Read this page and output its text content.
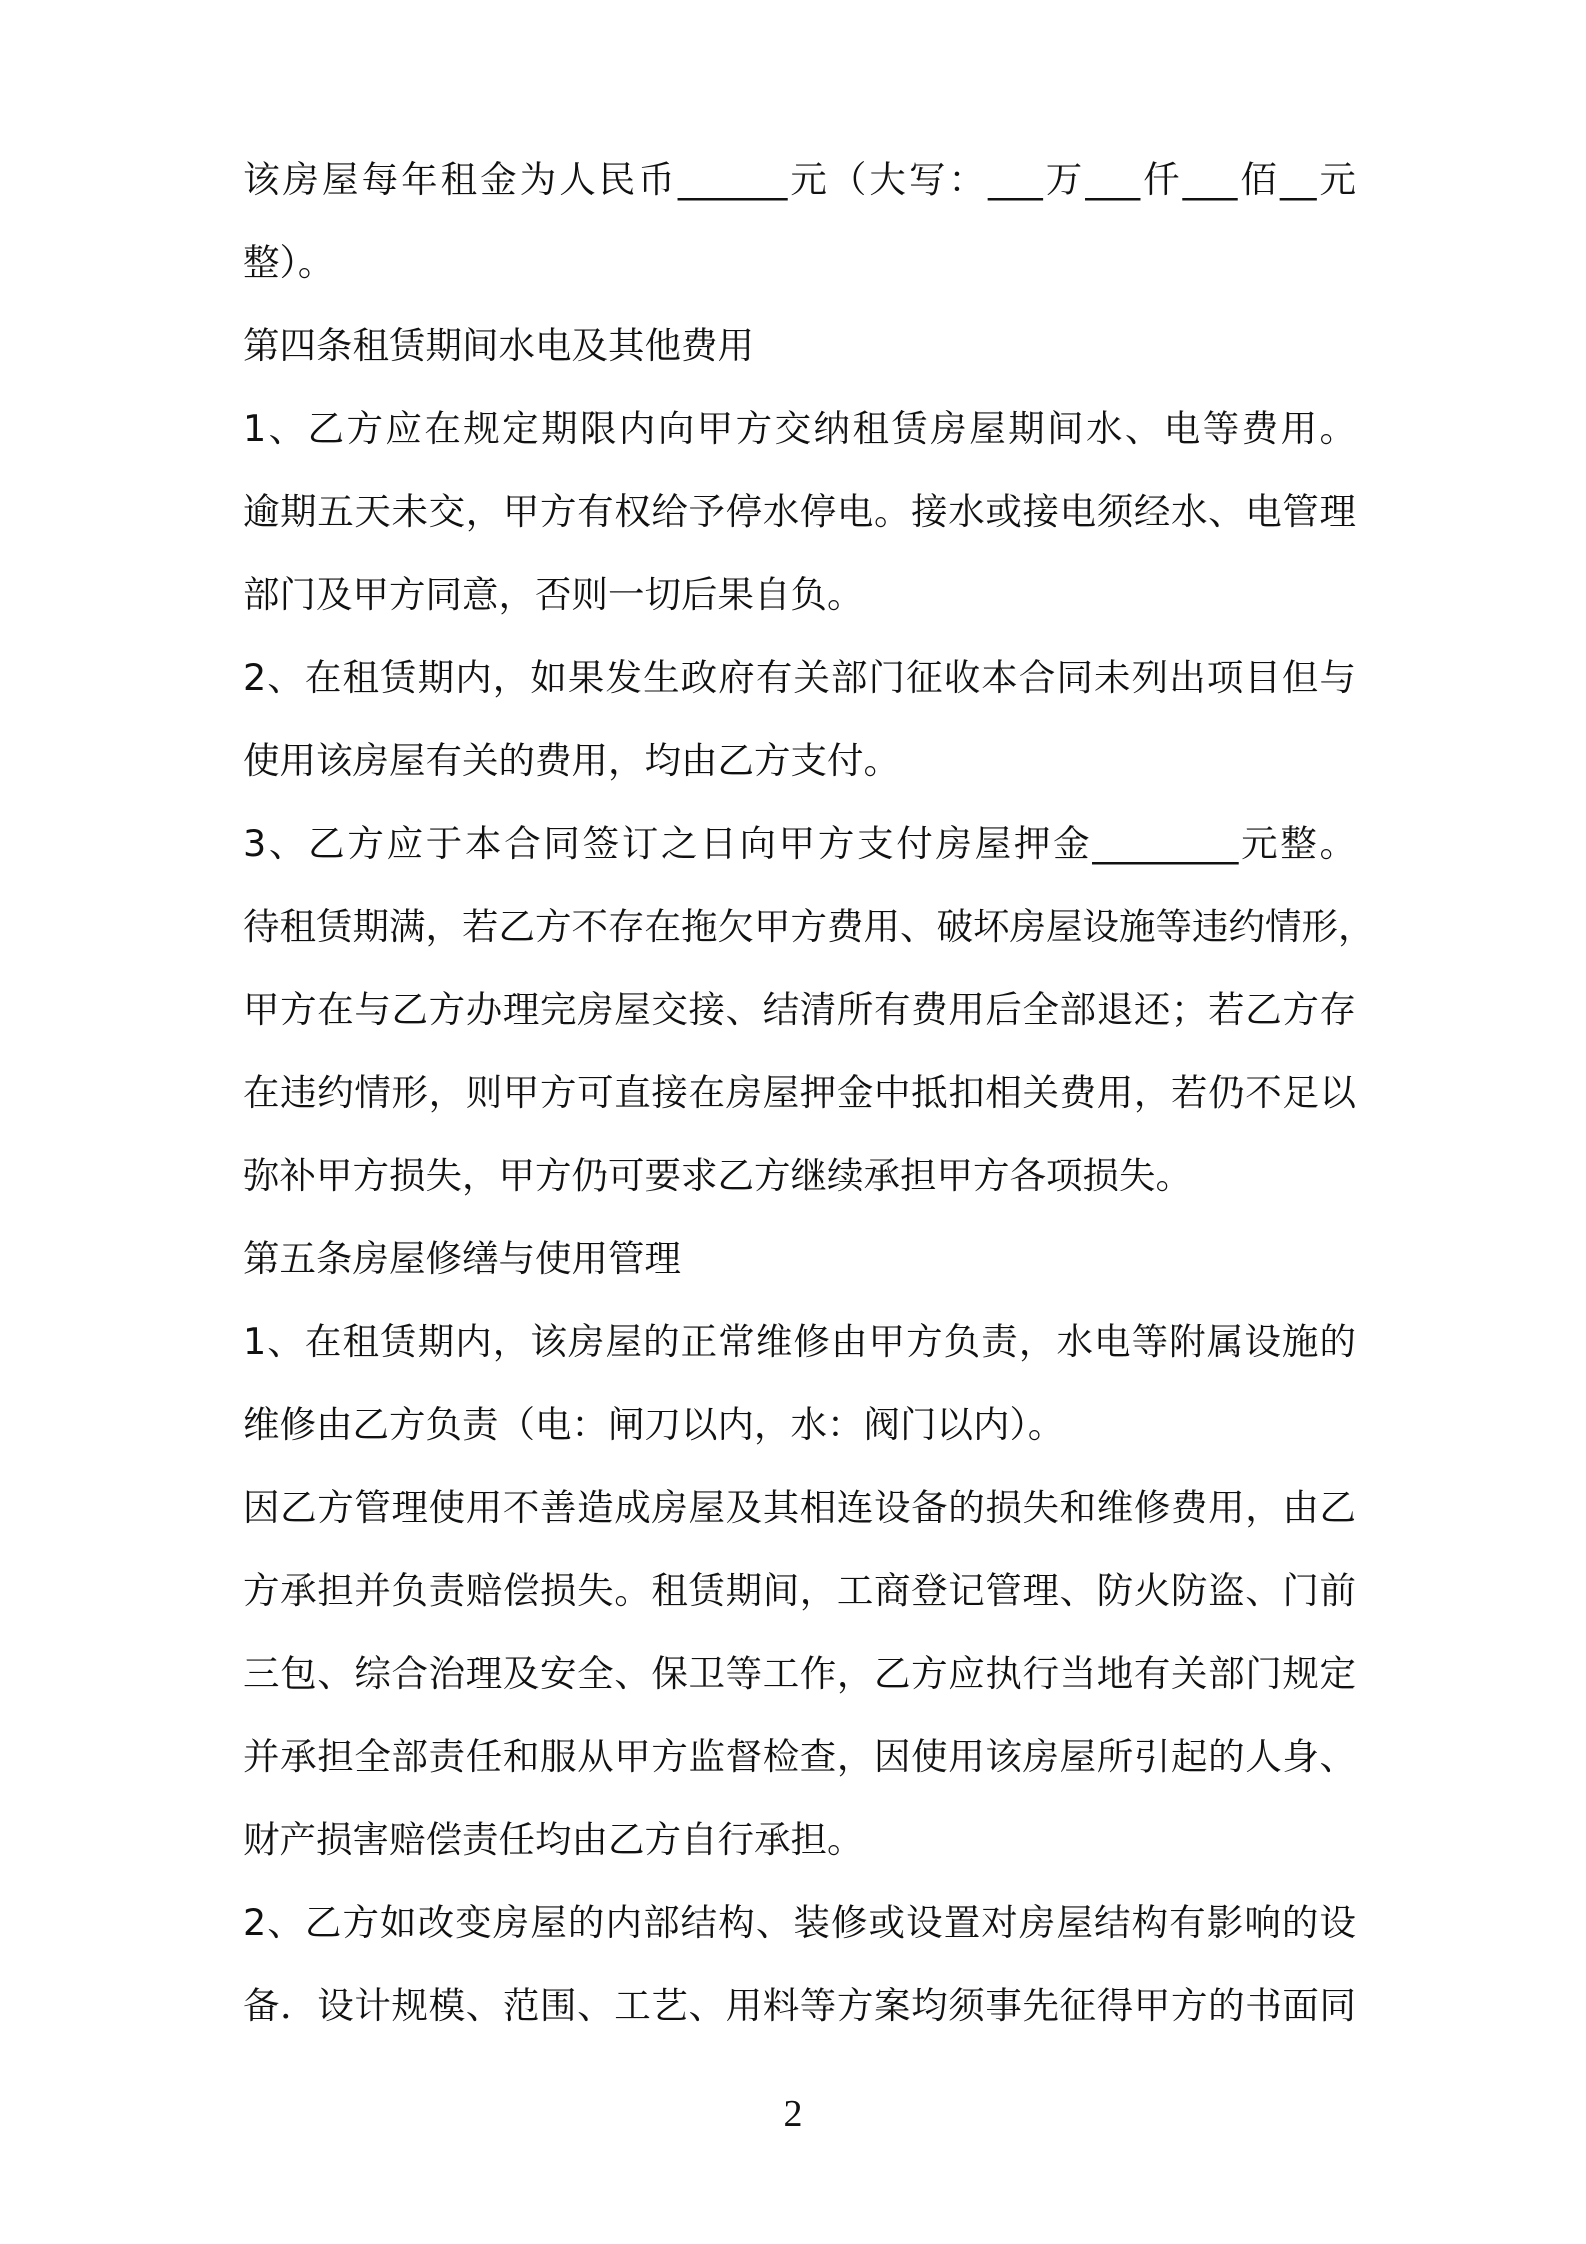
该房屋每年租金为人民币______元（大写：___万___仟___佰__元
整）。
第四条租赁期间水电及其他费用
1、乙方应在规定期限内向甲方交纳租赁房屋期间水、电等费用。
逾期五天未交，甲方有权给予停水停电。接水或接电须经水、电管理
部门及甲方同意，否则一切后果自负。
2、在租赁期内，如果发生政府有关部门征收本合同未列出项目但与
使用该房屋有关的费用，均由乙方支付。
3、乙方应于本合同签订之日向甲方支付房屋押金________元整。
待租赁期满，若乙方不存在拖欠甲方费用、破坏房屋设施等违约情形，
甲方在与乙方办理完房屋交接、结清所有费用后全部退还；若乙方存
在违约情形，则甲方可直接在房屋押金中抵扣相关费用，若仍不足以
弥补甲方损失，甲方仍可要求乙方继续承担甲方各项损失。
第五条房屋修缮与使用管理
1、在租赁期内，该房屋的正常维修由甲方负责，水电等附属设施的
维修由乙方负责（电：闸刀以内，水：阀门以内）。
因乙方管理使用不善造成房屋及其相连设备的损失和维修费用，由乙
方承担并负责赔偿损失。租赁期间，工商登记管理、防火防盗、门前
三包、综合治理及安全、保卫等工作，乙方应执行当地有关部门规定
并承担全部责任和服从甲方监督检查，因使用该房屋所引起的人身、
财产损害赔偿责任均由乙方自行承担。
2、乙方如改变房屋的内部结构、装修或设置对房屋结构有影响的设
备．设计规模、范围、工艺、用料等方案均须事先征得甲方的书面同
2
